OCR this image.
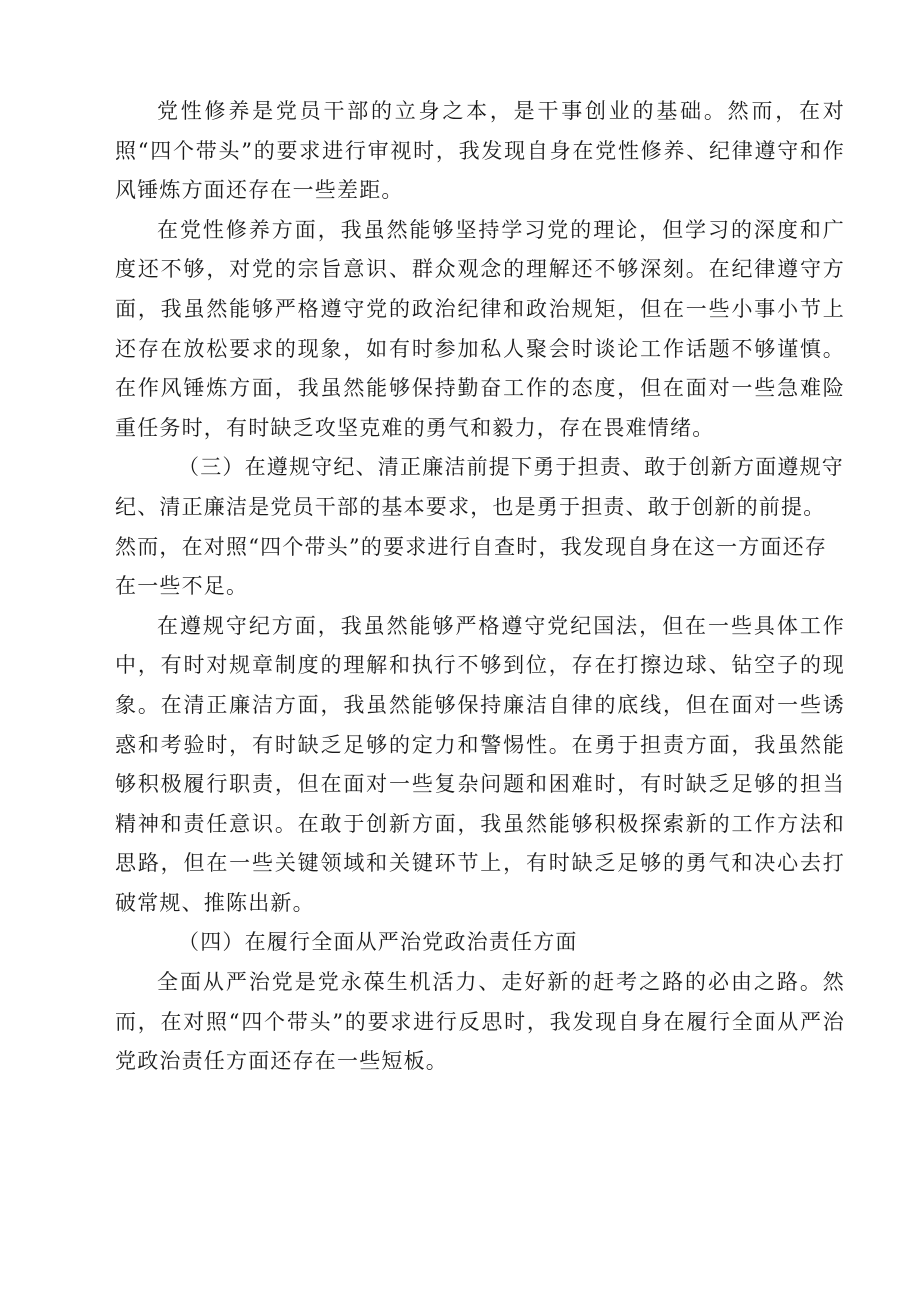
党性修养是党员干部的立身之本，是干事创业的基础。然而，在对照“四个带头”的要求进行审视时，我发现自身在党性修养、纪律遵守和作风锤炼方面还存在一些差距。

在党性修养方面，我虽然能够坚持学习党的理论，但学习的深度和广度还不够，对党的宗旨意识、群众观念的理解还不够深刻。在纪律遵守方面，我虽然能够严格遵守党的政治纪律和政治规矩，但在一些小事小节上还存在放松要求的现象，如有时参加私人聚会时谈论工作话题不够谨慎。在作风锤炼方面，我虽然能够保持勤奋工作的态度，但在面对一些急难险重任务时，有时缺乏攻坚克难的勇气和毅力，存在畏难情绪。

（三）在遵规守纪、清正廉洁前提下勇于担责、敢于创新方面遵规守纪、清正廉洁是党员干部的基本要求，也是勇于担责、敢于创新的前提。然而，在对照“四个带头”的要求进行自查时，我发现自身在这一方面还存在一些不足。

在遵规守纪方面，我虽然能够严格遵守党纪国法，但在一些具体工作中，有时对规章制度的理解和执行不够到位，存在打擦边球、钻空子的现象。在清正廉洁方面，我虽然能够保持廉洁自律的底线，但在面对一些诱惑和考验时，有时缺乏足够的定力和警惕性。在勇于担责方面，我虽然能够积极履行职责，但在面对一些复杂问题和困难时，有时缺乏足够的担当精神和责任意识。在敢于创新方面，我虽然能够积极探索新的工作方法和思路，但在一些关键领域和关键环节上，有时缺乏足够的勇气和决心去打破常规、推陈出新。

（四）在履行全面从严治党政治责任方面

全面从严治党是党永葆生机活力、走好新的赶考之路的必由之路。然而，在对照“四个带头”的要求进行反思时，我发现自身在履行全面从严治党政治责任方面还存在一些短板。
